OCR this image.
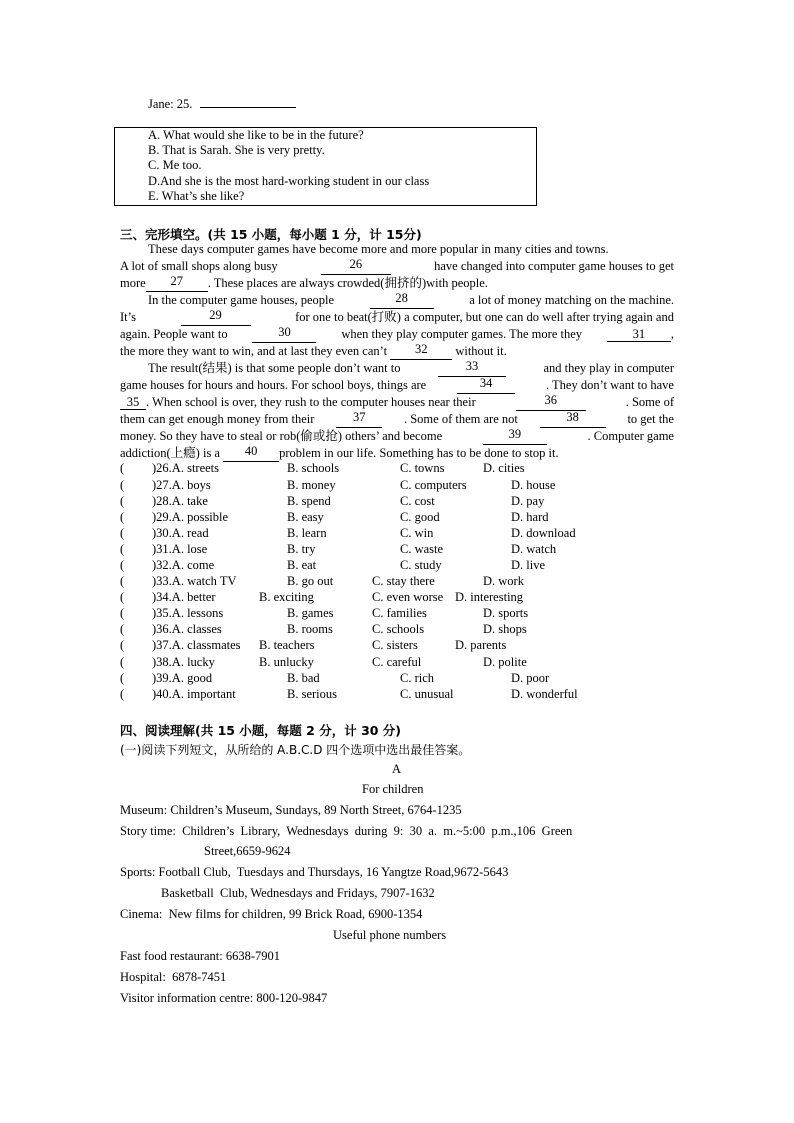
Jane: 25.
A. What would she like to be in the future?
B. That is Sarah. She is very pretty.
C. Me too.
D.And she is the most hard-working student in our class
E. What’s she like?
三、完形填空。(共 15 小题，每小题 1 分，计 15分)
These days computer games have become more and more popular in many cities and towns.
A lot of small shops along busy	26	have changed into computer game houses to get
more	27	. These places are always crowded(拥挤的)with people.
In the computer game houses, people	28	a lot of money matching on the machine.
It’s	29	for one to beat(打败) a computer, but one can do well after trying again and
again. People want to	30	when they play computer games. The more they	31 ,
the more they want to win, and at last they even can’t
	32
	without it.
The result(结果) is that some people don’t want to	33	and they play in computer
game houses for hours and hours. For school boys, things are	34	. They don’t want to have
35 . When school is over, they rush to the computer houses near their	36	. Some of
them can get enough money from their	37	. Some of them are not	38	to get the
money. So they have to steal or rob(偷或抢) others’ and become	39	. Computer game
addiction(上瘾) is a
	40	problem in our life. Something has to be done to stop it.
( )26.A. streets	B. schools	C. towns	D. cities
( )27.A. boys	B. money	C. computers	D. house
( )28.A. take	B. spend	C. cost	D. pay
( )29.A. possible	B. easy	C. good	D. hard
( )30.A. read	B. learn	C. win	D. download
( )31.A. lose	B. try	C. waste	D. watch
( )32.A. come	B. eat	C. study	D. live
( )33.A. watch TV	B. go out	C. stay there	D. work
( )34.A. better	B. exciting	C. even worse D. interesting
( )35.A. lessons	B. games	C. families	D. sports
( )36.A. classes	B. rooms	C. schools	D. shops
( )37.A. classmates B. teachers	C. sisters	D. parents
( )38.A. lucky	B. unlucky	C. careful	D. polite
( )39.A. good	B. bad	C. rich	D. poor
( )40.A. important	B. serious	C. unusual	D. wonderful
四、阅读理解(共 15 小题，每题 2 分，计 30 分)
(一)阅读下列短文，从所给的 A.B.C.D 四个选项中选出最佳答案。
A
For children
Museum: Children’s Museum, Sundays, 89 North Street, 6764-1235
Story time:  Children’s  Library,  Wednesdays  during  9:  30  a.  m.~5:00  p.m.,106  Green
Street,6659-9624
Sports: Football Club,  Tuesdays and Thursdays, 16 Yangtze Road,9672-5643
Basketball  Club, Wednesdays and Fridays, 7907-1632
Cinema:  New films for children, 99 Brick Road, 6900-1354
Useful phone numbers
Fast food restaurant: 6638-7901
Hospital:  6878-7451
Visitor information centre: 800-120-9847
